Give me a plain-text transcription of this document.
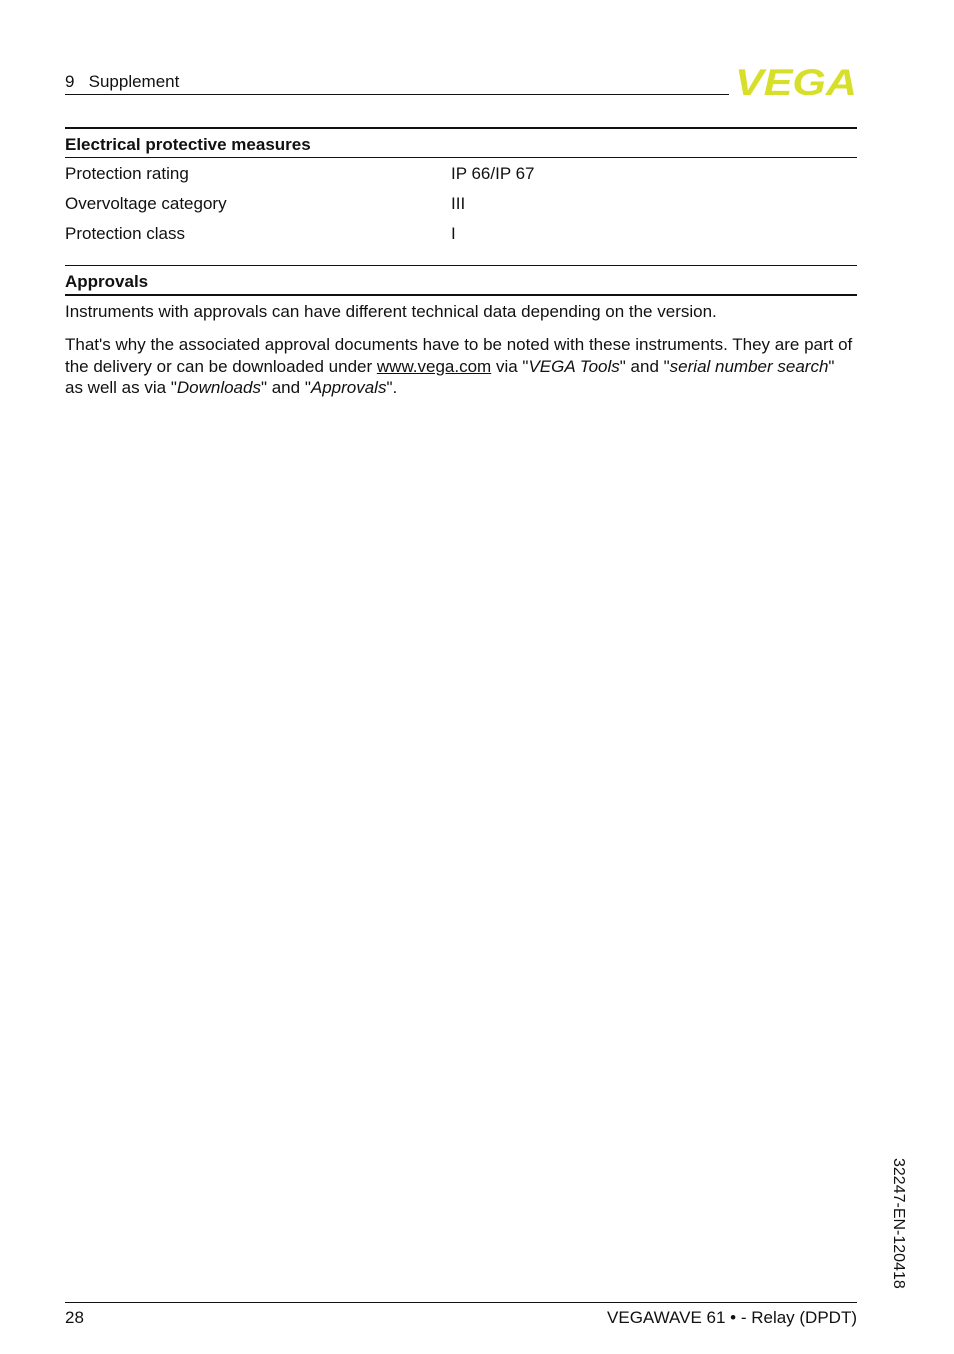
9   Supplement	VEGA
Electrical protective measures
Protection rating	IP 66/IP 67
Overvoltage category	III
Protection class	I
Approvals
Instruments with approvals can have different technical data depending on the version.
That's why the associated approval documents have to be noted with these instruments. They are part of the delivery or can be downloaded under www.vega.com via "VEGA Tools" and "serial number search" as well as via "Downloads" and "Approvals".
32247-EN-120418
28	VEGAWAVE 61 • - Relay (DPDT)
